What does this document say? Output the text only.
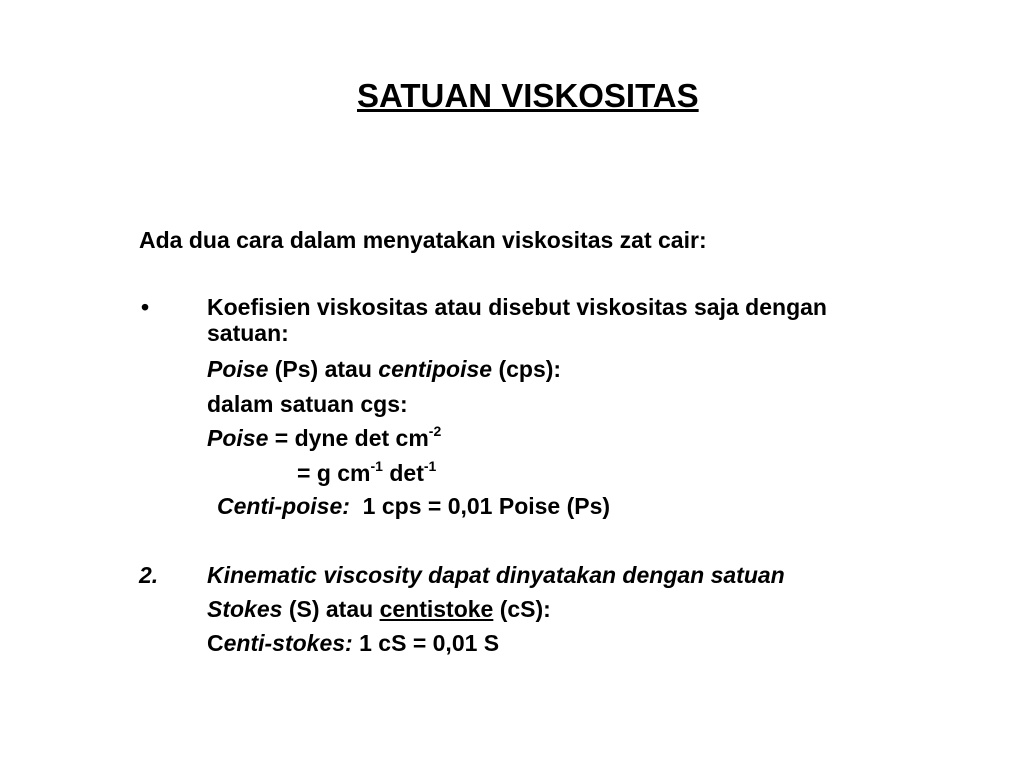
SATUAN VISKOSITAS
Ada dua cara dalam menyatakan viskositas zat cair:
•	Koefisien viskositas atau disebut viskositas saja dengan
satuan:
Poise (Ps) atau centipoise (cps):
dalam satuan cgs:
Poise = dyne $\det cm^{-2}$
= g $cm^{-1}$ $\det^{-1}$
Centi-poise:  1 cps = 0,01 Poise (Ps)
2. Kinematic viscosity dapat dinyatakan dengan satuan
Stokes (S) atau centistoke (cS):
Centi-stokes: 1 cS = 0,01 S
